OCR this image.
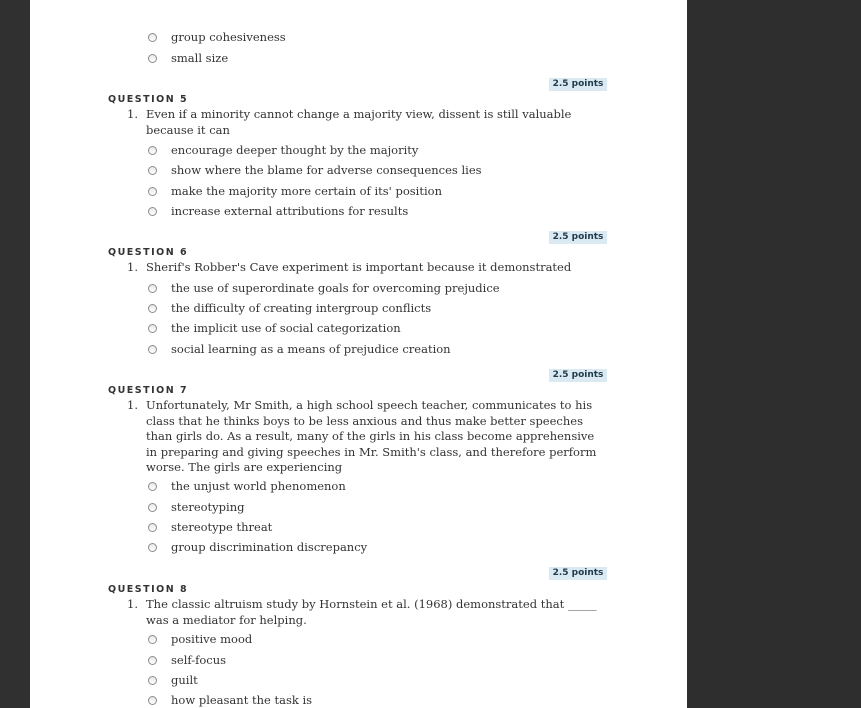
group cohesiveness
small size
2.5 points
QUESTION 5
1. Even if a minority cannot change a majority view, dissent is still valuable because it can
encourage deeper thought by the majority
show where the blame for adverse consequences lies
make the majority more certain of its' position
increase external attributions for results
2.5 points
QUESTION 6
1. Sherif's Robber's Cave experiment is important because it demonstrated
the use of superordinate goals for overcoming prejudice
the difficulty of creating intergroup conflicts
the implicit use of social categorization
social learning as a means of prejudice creation
2.5 points
QUESTION 7
1. Unfortunately, Mr Smith, a high school speech teacher, communicates to his class that he thinks boys to be less anxious and thus make better speeches than girls do. As a result, many of the girls in his class become apprehensive in preparing and giving speeches in Mr. Smith's class, and therefore perform worse. The girls are experiencing
the unjust world phenomenon
stereotyping
stereotype threat
group discrimination discrepancy
2.5 points
QUESTION 8
1. The classic altruism study by Hornstein et al. (1968) demonstrated that _____ was a mediator for helping.
positive mood
self-focus
guilt
how pleasant the task is
